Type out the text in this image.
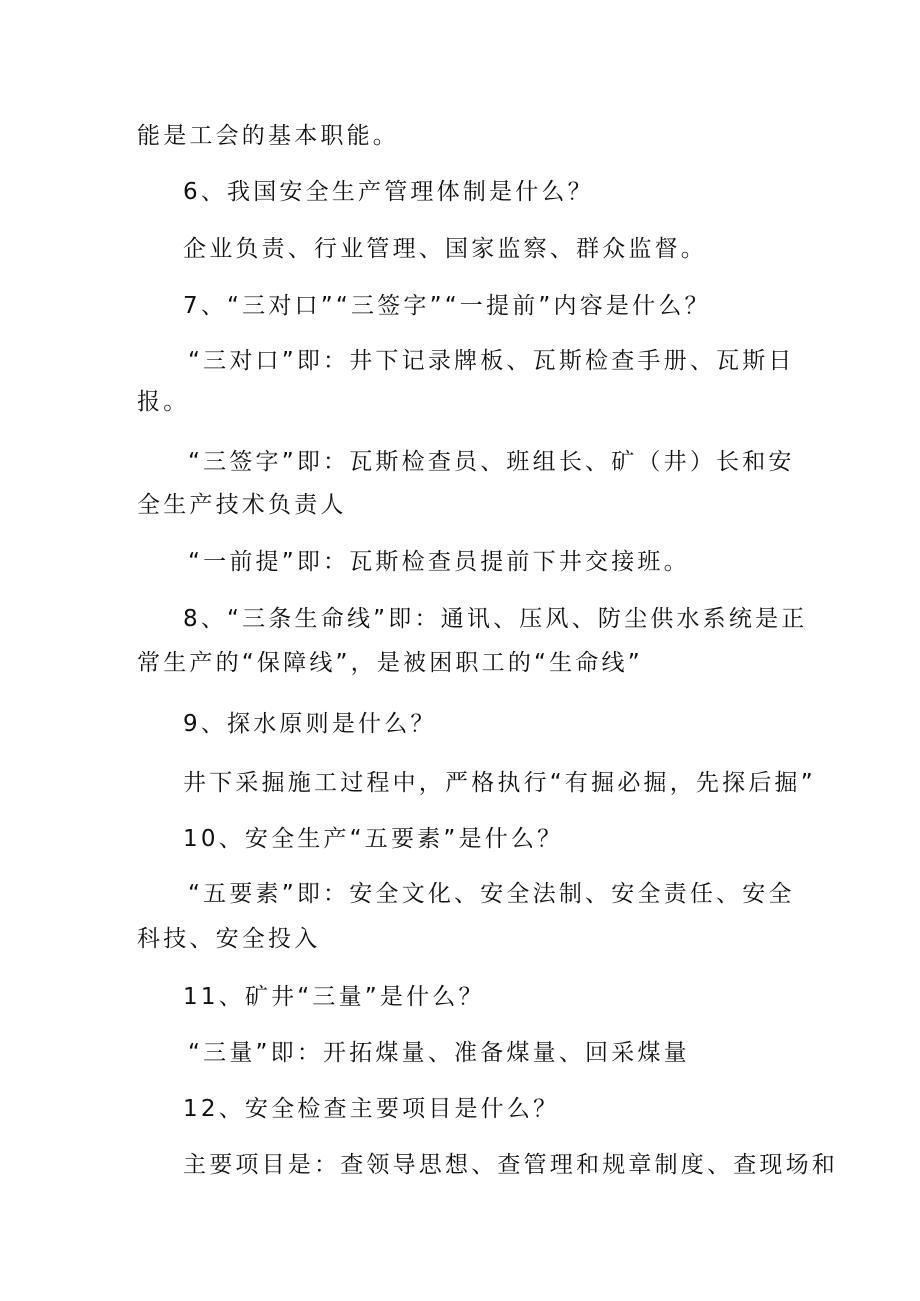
能是工会的基本职能。
6、我国安全生产管理体制是什么？
企业负责、行业管理、国家监察、群众监督。
7、“三对口”“三签字”“一提前”内容是什么？
“三对口”即：井下记录牌板、瓦斯检查手册、瓦斯日
报。
“三签字”即：瓦斯检查员、班组长、矿（井）长和安
全生产技术负责人
“一前提”即：瓦斯检查员提前下井交接班。
8、“三条生命线”即：通讯、压风、防尘供水系统是正
常生产的“保障线”，是被困职工的“生命线”
9、探水原则是什么？
井下采掘施工过程中，严格执行“有掘必掘，先探后掘”
10、安全生产“五要素”是什么？
“五要素”即：安全文化、安全法制、安全责任、安全
科技、安全投入
11、矿井“三量”是什么？
“三量”即：开拓煤量、准备煤量、回采煤量
12、安全检查主要项目是什么？
主要项目是：查领导思想、查管理和规章制度、查现场和
